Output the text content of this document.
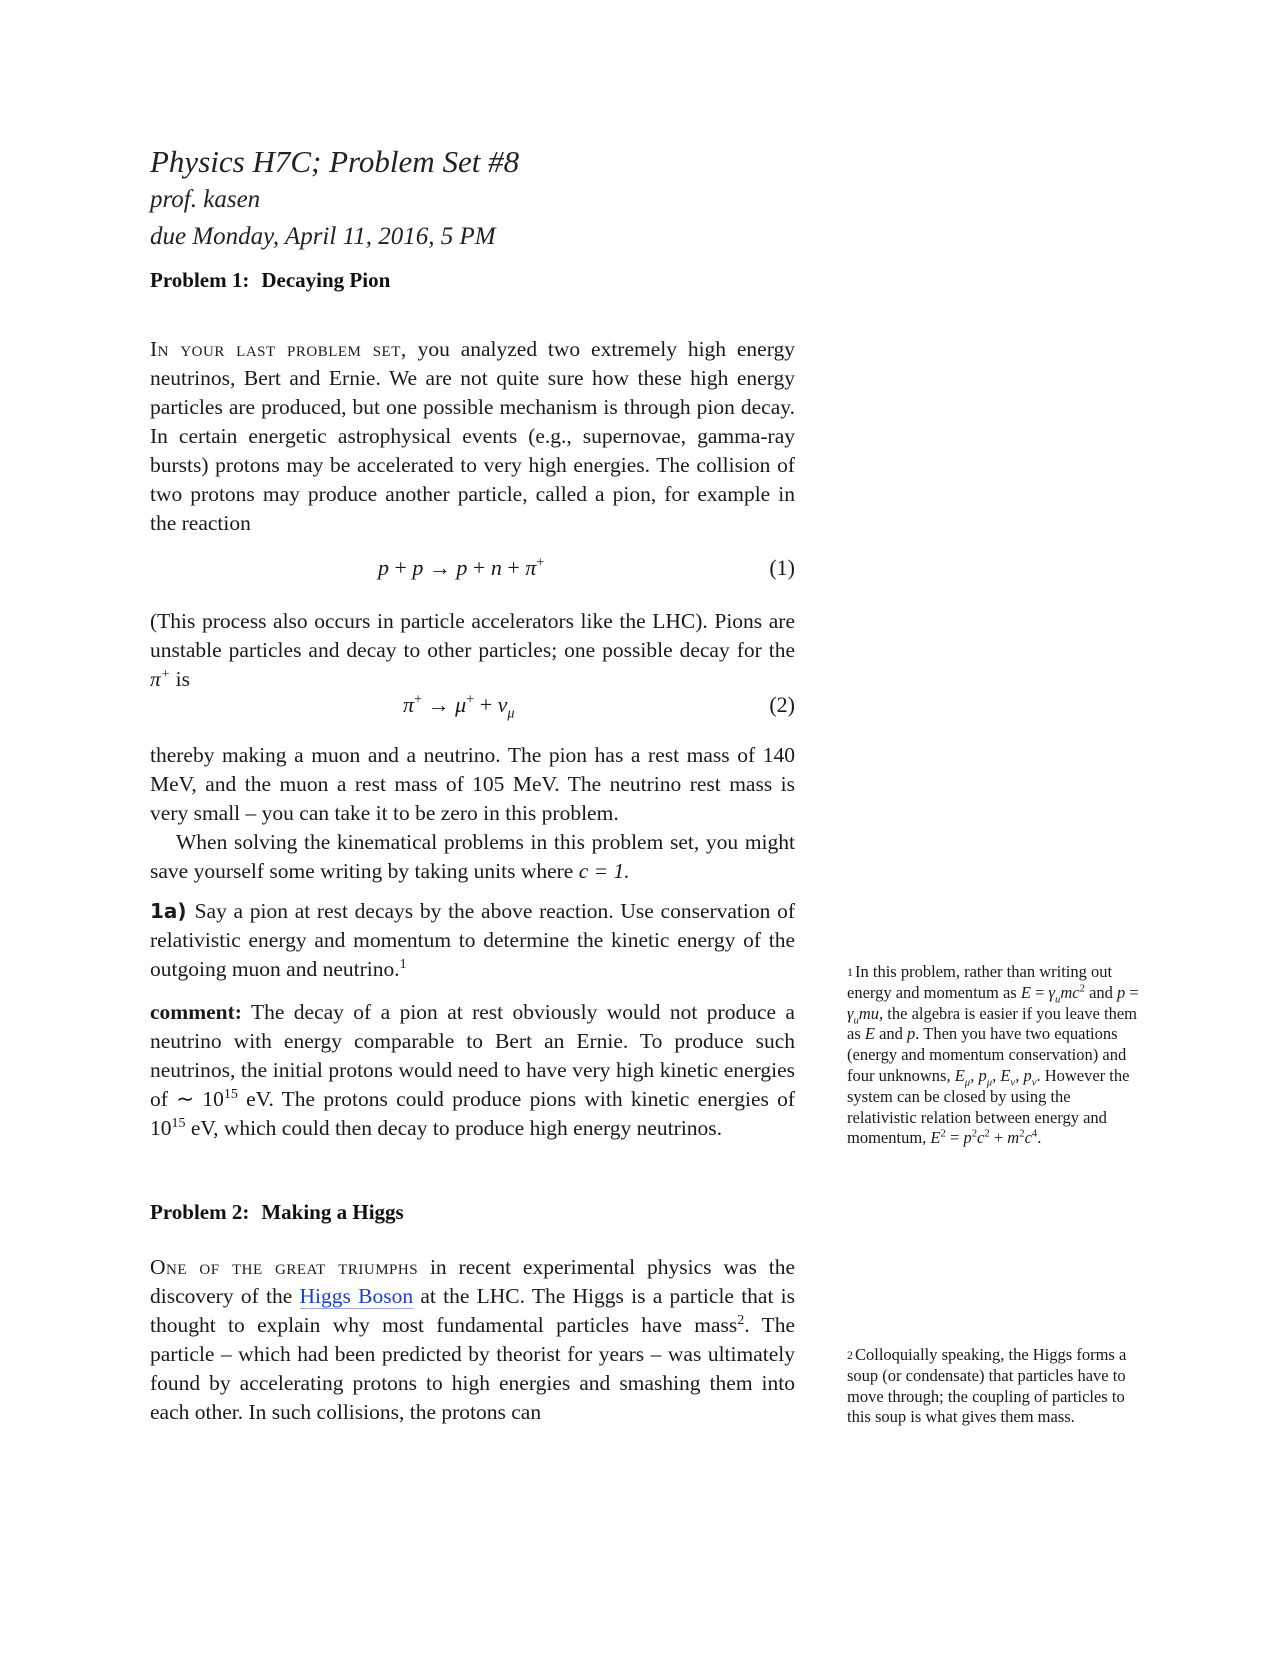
Physics H7C; Problem Set #8
prof. kasen
due Monday, April 11, 2016, 5 PM
Problem 1: Decaying Pion

In your last problem set, you analyzed two extremely high energy neutrinos, Bert and Ernie. We are not quite sure how these high energy particles are produced, but one possible mechanism is through pion decay. In certain energetic astrophysical events (e.g., supernovae, gamma-ray bursts) protons may be accelerated to very high energies. The collision of two protons may produce another particle, called a pion, for example in the reaction

p + p → p + n + π+	(1)

(This process also occurs in particle accelerators like the LHC). Pions are unstable particles and decay to other particles; one possible decay for the π+ is

$\pi^+ \to \mu^+ + \nu_\mu$	(2)

thereby making a muon and a neutrino. The pion has a rest mass of 140 MeV, and the muon a rest mass of 105 MeV. The neutrino rest mass is very small – you can take it to be zero in this problem.

When solving the kinematical problems in this problem set, you might save yourself some writing by taking units where c = 1.

1a) Say a pion at rest decays by the above reaction. Use conservation of relativistic energy and momentum to determine the kinetic energy of the outgoing muon and neutrino.$^1$

comment: The decay of a pion at rest obviously would not produce a neutrino with energy comparable to Bert an Ernie. To produce such neutrinos, the initial protons would need to have very high kinetic energies of ∼ $10^{15}$ eV. The protons could produce pions with kinetic energies of $10^{15}$ eV, which could then decay to produce high energy neutrinos.

Problem 2: Making a Higgs

One of the great triumphs in recent experimental physics was the discovery of the Higgs Boson at the LHC. The Higgs is a particle that is thought to explain why most fundamental particles have mass$^2$. The particle – which had been predicted by theorist for years – was ultimately found by accelerating protons to high energies and smashing them into each other. In such collisions, the protons can

$^1$ In this problem, rather than writing out energy and momentum as $E = \gamma_umc^2$ and $p = \gamma_umu$, the algebra is easier if you leave them as E and p. Then you have two equations (energy and momentum conservation) and four unknowns, $E_\mu$, $p_\mu$, $E_\nu$, $p_\nu$. However the system can be closed by using the relativistic relation between energy and momentum, $E^2 = p^2c^2 + m^2c^4$.
$^2$ Colloquially speaking, the Higgs forms a soup (or condensate) that particles have to move through; the coupling of particles to this soup is what gives them mass.
